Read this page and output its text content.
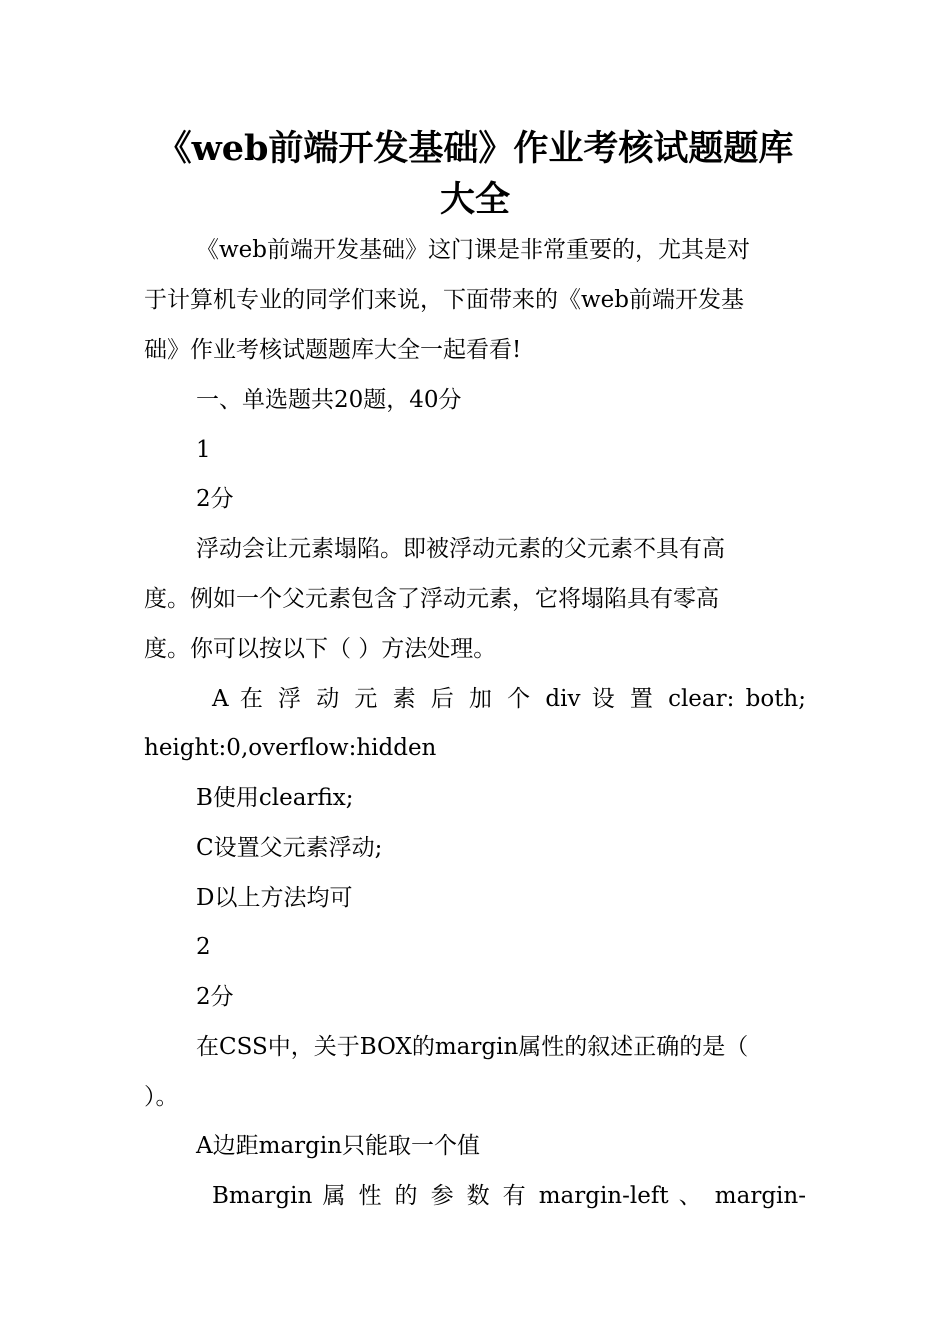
《web前端开发基础》作业考核试题题库
大全
《web前端开发基础》这门课是非常重要的，尤其是对
于计算机专业的同学们来说，下面带来的《web前端开发基
础》作业考核试题题库大全一起看看!
一、单选题共20题，40分
1
2分
浮动会让元素塌陷。即被浮动元素的父元素不具有高
度。例如一个父元素包含了浮动元素，它将塌陷具有零高
度。你可以按以下（ ）方法处理。
A 在 浮 动 元 素 后 加 个 div 设 置 clear: both;
height:0,overflow:hidden
B使用clearfix;
C设置父元素浮动;
D以上方法均可
2
2分
在CSS中，关于BOX的margin属性的叙述正确的是（
）。
A边距margin只能取一个值
Bmargin 属 性 的 参 数 有 margin-left 、 margin-
